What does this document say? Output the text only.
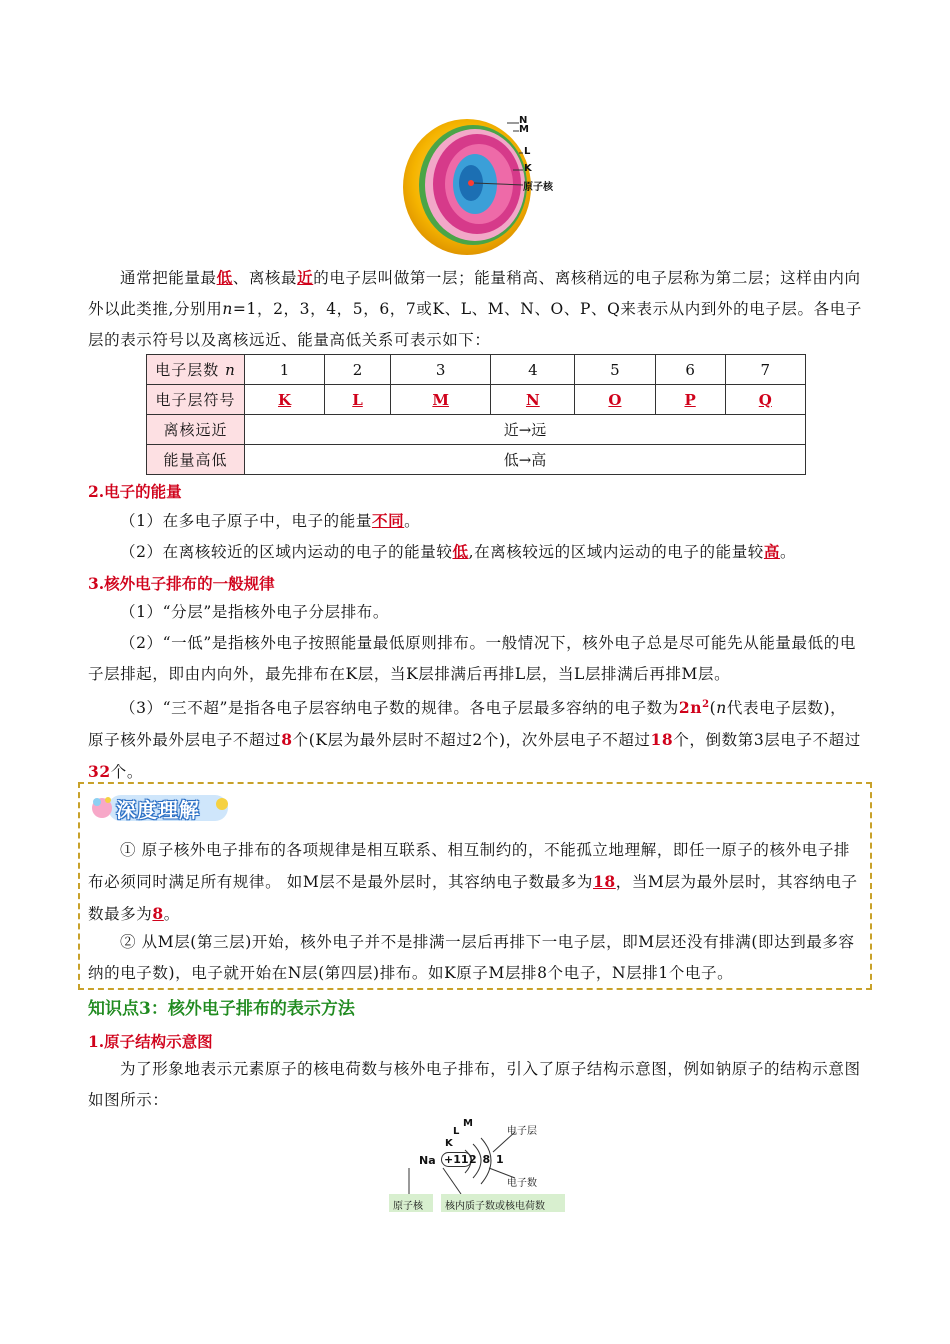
N
M
L
K
原子核

通常把能量最低、离核最近的电子层叫做第一层；能量稍高、离核稍远的电子层称为第二层；这样由内向外以此类推,分别用n=1，2，3，4，5，6，7或K、L、M、N、O、P、Q来表示从内到外的电子层。各电子层的表示符号以及离核远近、能量高低关系可表示如下：

电子层数 n	1	2	3	4	5	6	7
电子层符号	K	L	M	N	O	P	Q
离核远近	近→远						
能量高低	低→高						

2.电子的能量

（1）在多电子原子中，电子的能量不同。

（2）在离核较近的区域内运动的电子的能量较低,在离核较远的区域内运动的电子的能量较高。

3.核外电子排布的一般规律

（1）“分层”是指核外电子分层排布。

（2）“一低”是指核外电子按照能量最低原则排布。一般情况下，核外电子总是尽可能先从能量最低的电子层排起，即由内向外，最先排布在K层，当K层排满后再排L层，当L层排满后再排M层。

（3）“三不超”是指各电子层容纳电子数的规律。各电子层最多容纳的电子数为$2n^2(n$代表电子层数)，原子核外最外层电子不超过8个(K层为最外层时不超过2个)，次外层电子不超过18个，倒数第3层电子不超过32个。

深度理解

① 原子核外电子排布的各项规律是相互联系、相互制约的，不能孤立地理解，即任一原子的核外电子排布必须同时满足所有规律。 如M层不是最外层时，其容纳电子数最多为18，当M层为最外层时，其容纳电子数最多为8。

② 从M层(第三层)开始，核外电子并不是排满一层后再排下一电子层，即M层还没有排满(即达到最多容纳的电子数)，电子就开始在N层(第四层)排布。如K原子M层排8个电子，N层排1个电子。

知识点3：核外电子排布的表示方法

1.原子结构示意图

为了形象地表示元素原子的核电荷数与核外电子排布，引入了原子结构示意图，例如钠原子的结构示意图如图所示：

Na +11 2 8 1
K
L
M
电子层
电子数
原子核 核内质子数或核电荷数
